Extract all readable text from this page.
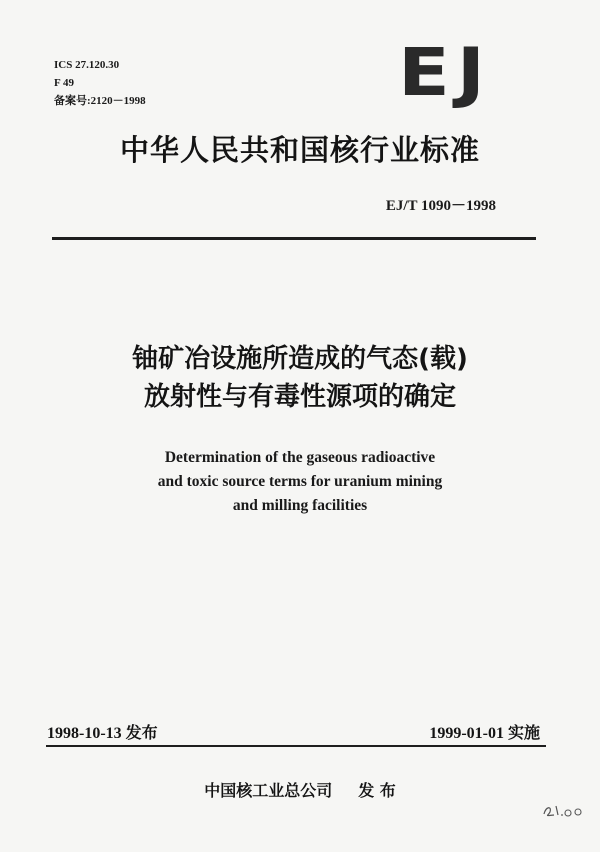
ICS 27.120.30
F 49
备案号:2120－1998	EJ
中华人民共和国核行业标准
EJ/T 1090－1998
铀矿冶设施所造成的气态(载)
放射性与有毒性源项的确定
Determination of the gaseous radioactive
and toxic source terms for uranium mining
and milling facilities
1998-10-13 发布	1999-01-01 实施
中国核工业总公司 发 布
